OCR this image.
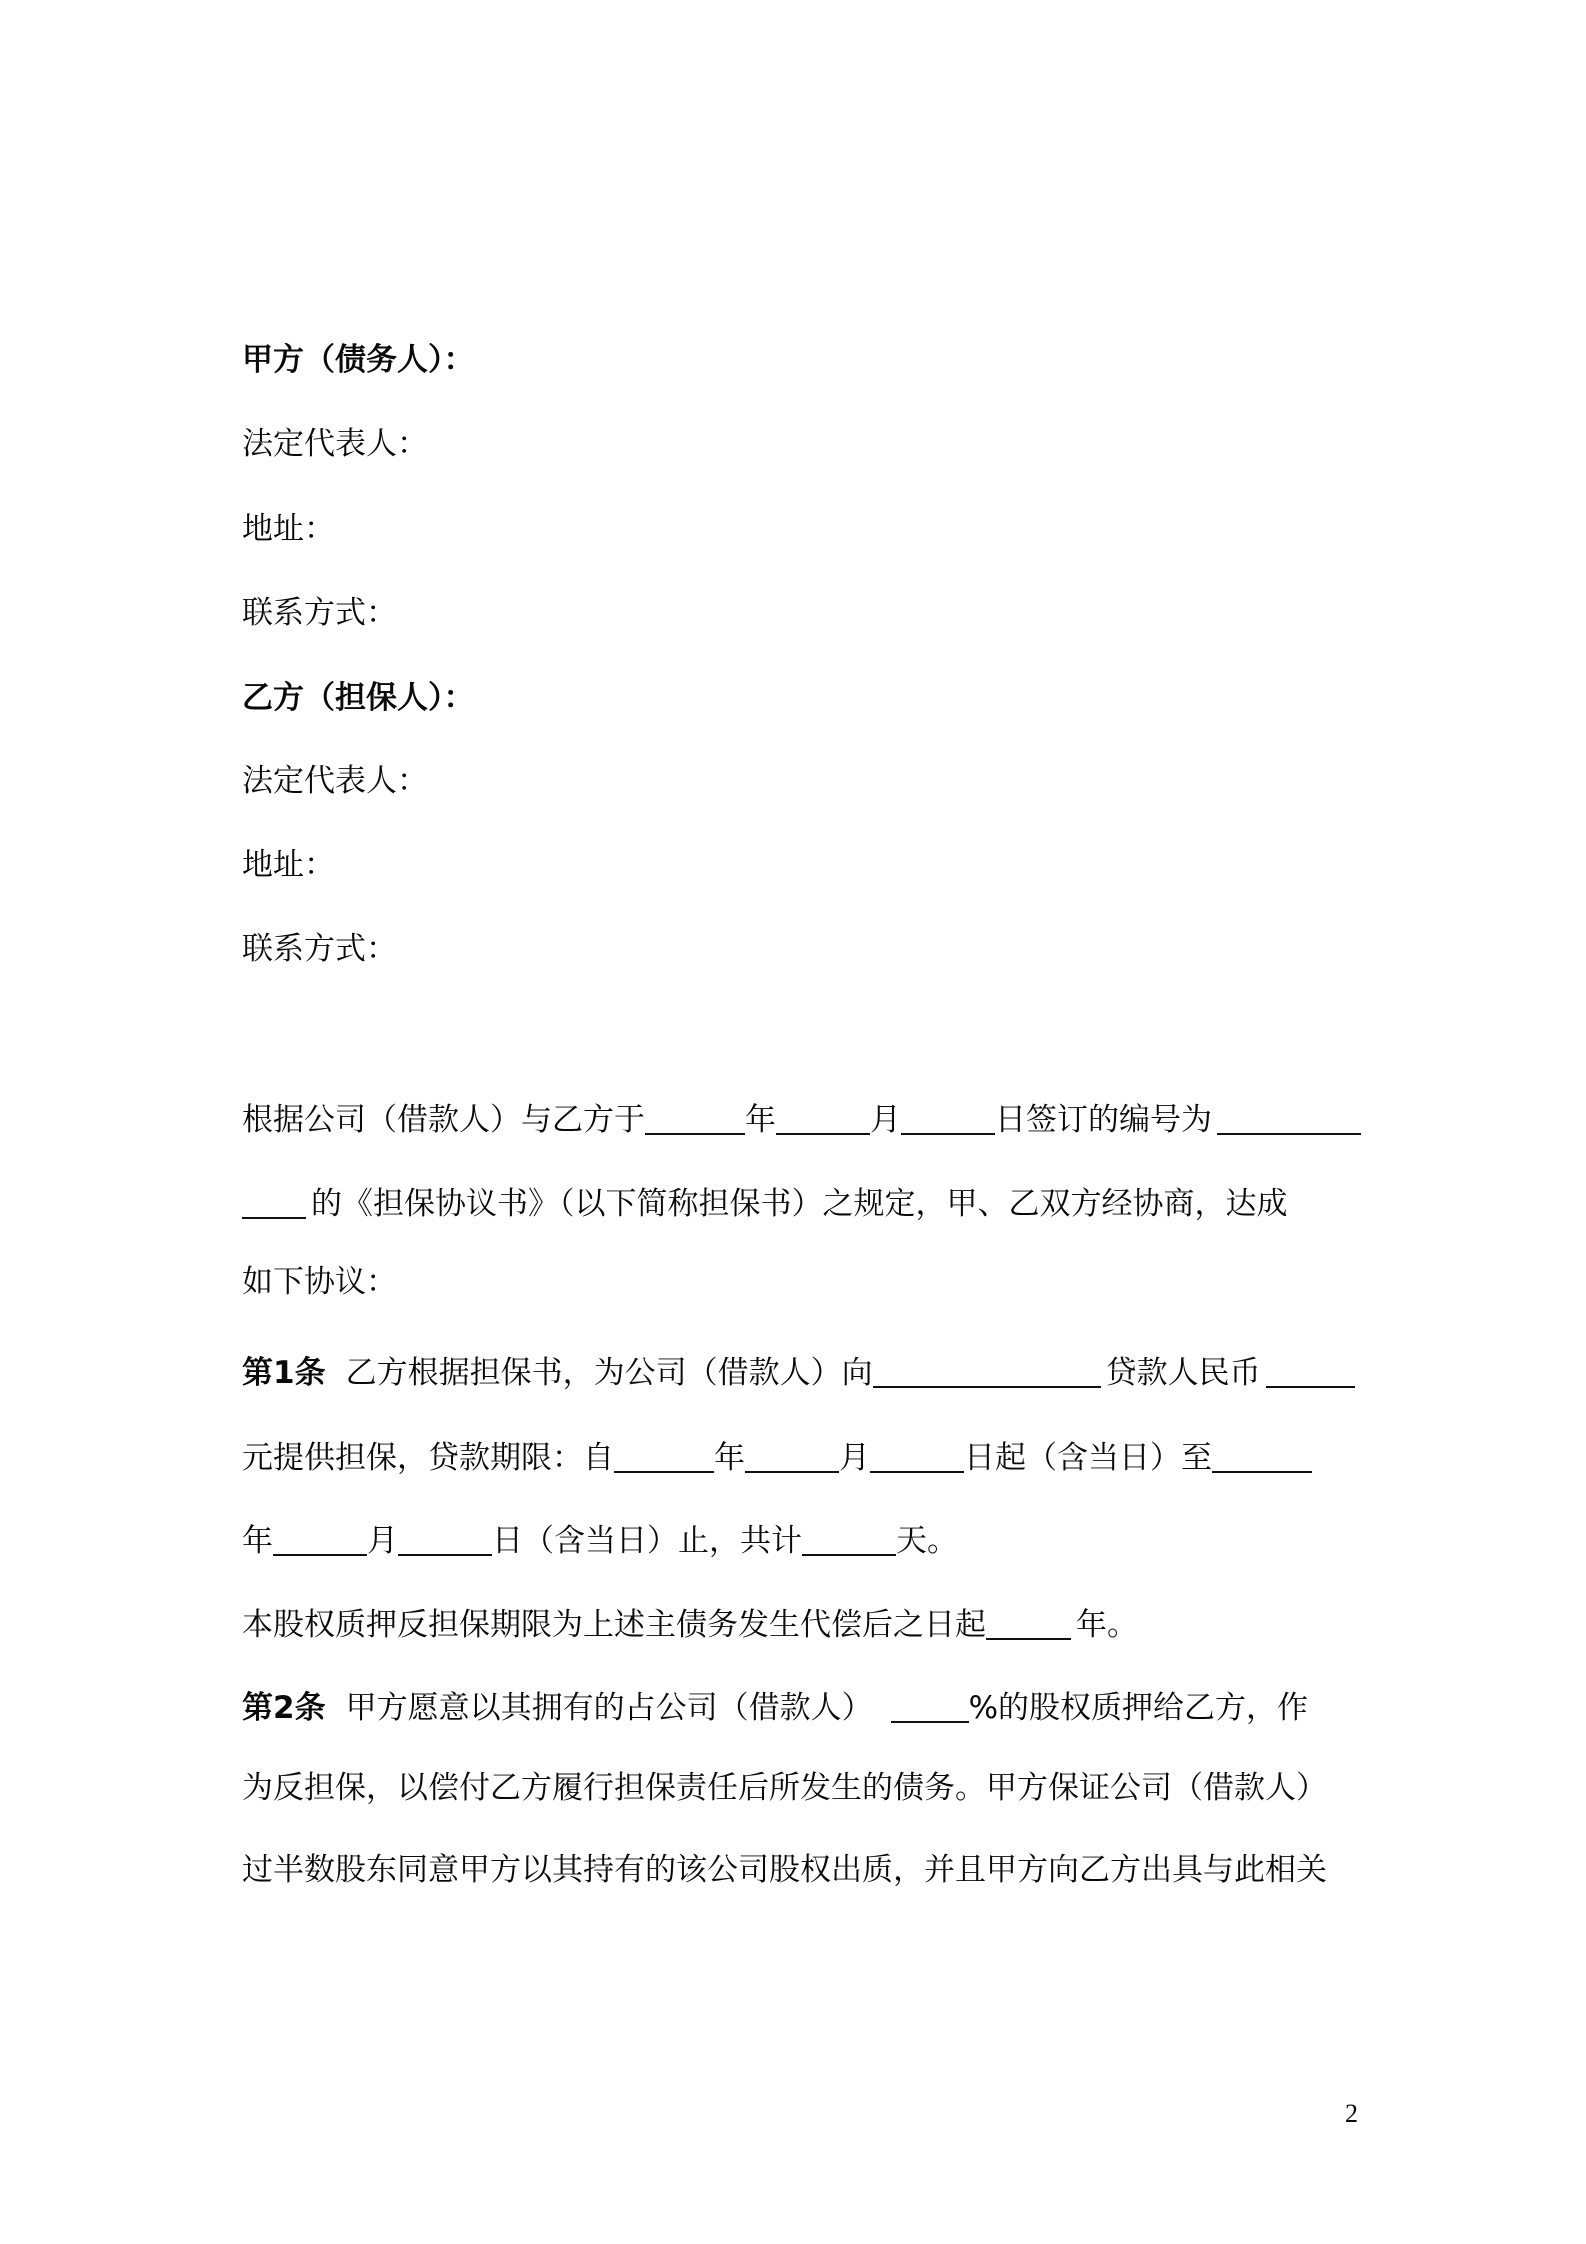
甲方（债务人）：
法定代表人：
地址：
联系方式：
乙方（担保人）：
法定代表人：
地址：
联系方式：
根据公司（借款人）与乙方于	年	月	日签订的编号为
的《担保协议书》（以下简称担保书）之规定，甲、乙双方经协商，达成
如下协议：
第1条 乙方根据担保书，为公司（借款人）向	贷款人民币
元提供担保，贷款期限：自	年	月	日起（含当日）至
年	月	日（含当日）止，共计	天。
本股权质押反担保期限为上述主债务发生代偿后之日起	年。
第2条 甲方愿意以其拥有的占公司（借款人）	%的股权质押给乙方，作
为反担保，以偿付乙方履行担保责任后所发生的债务。甲方保证公司（借款人）
过半数股东同意甲方以其持有的该公司股权出质，并且甲方向乙方出具与此相关
2
